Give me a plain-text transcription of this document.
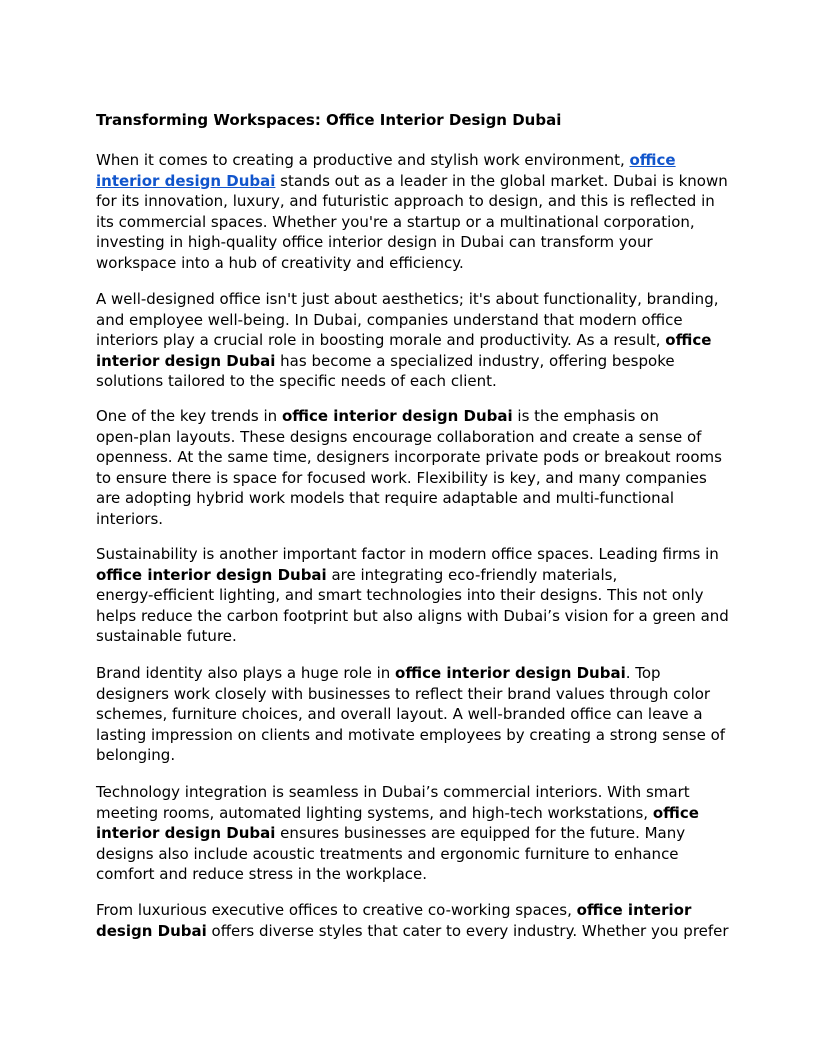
Transforming Workspaces: Office Interior Design Dubai

When it comes to creating a productive and stylish work environment, office
interior design Dubai stands out as a leader in the global market. Dubai is known
for its innovation, luxury, and futuristic approach to design, and this is reflected in
its commercial spaces. Whether you're a startup or a multinational corporation,
investing in high-quality office interior design in Dubai can transform your
workspace into a hub of creativity and efficiency.

A well-designed office isn't just about aesthetics; it's about functionality, branding,
and employee well-being. In Dubai, companies understand that modern office
interiors play a crucial role in boosting morale and productivity. As a result, office
interior design Dubai has become a specialized industry, offering bespoke
solutions tailored to the specific needs of each client.

One of the key trends in office interior design Dubai is the emphasis on
open-plan layouts. These designs encourage collaboration and create a sense of
openness. At the same time, designers incorporate private pods or breakout rooms
to ensure there is space for focused work. Flexibility is key, and many companies
are adopting hybrid work models that require adaptable and multi-functional
interiors.

Sustainability is another important factor in modern office spaces. Leading firms in
office interior design Dubai are integrating eco-friendly materials,
energy-efficient lighting, and smart technologies into their designs. This not only
helps reduce the carbon footprint but also aligns with Dubai’s vision for a green and
sustainable future.

Brand identity also plays a huge role in office interior design Dubai. Top
designers work closely with businesses to reflect their brand values through color
schemes, furniture choices, and overall layout. A well-branded office can leave a
lasting impression on clients and motivate employees by creating a strong sense of
belonging.

Technology integration is seamless in Dubai’s commercial interiors. With smart
meeting rooms, automated lighting systems, and high-tech workstations, office
interior design Dubai ensures businesses are equipped for the future. Many
designs also include acoustic treatments and ergonomic furniture to enhance
comfort and reduce stress in the workplace.

From luxurious executive offices to creative co-working spaces, office interior
design Dubai offers diverse styles that cater to every industry. Whether you prefer
